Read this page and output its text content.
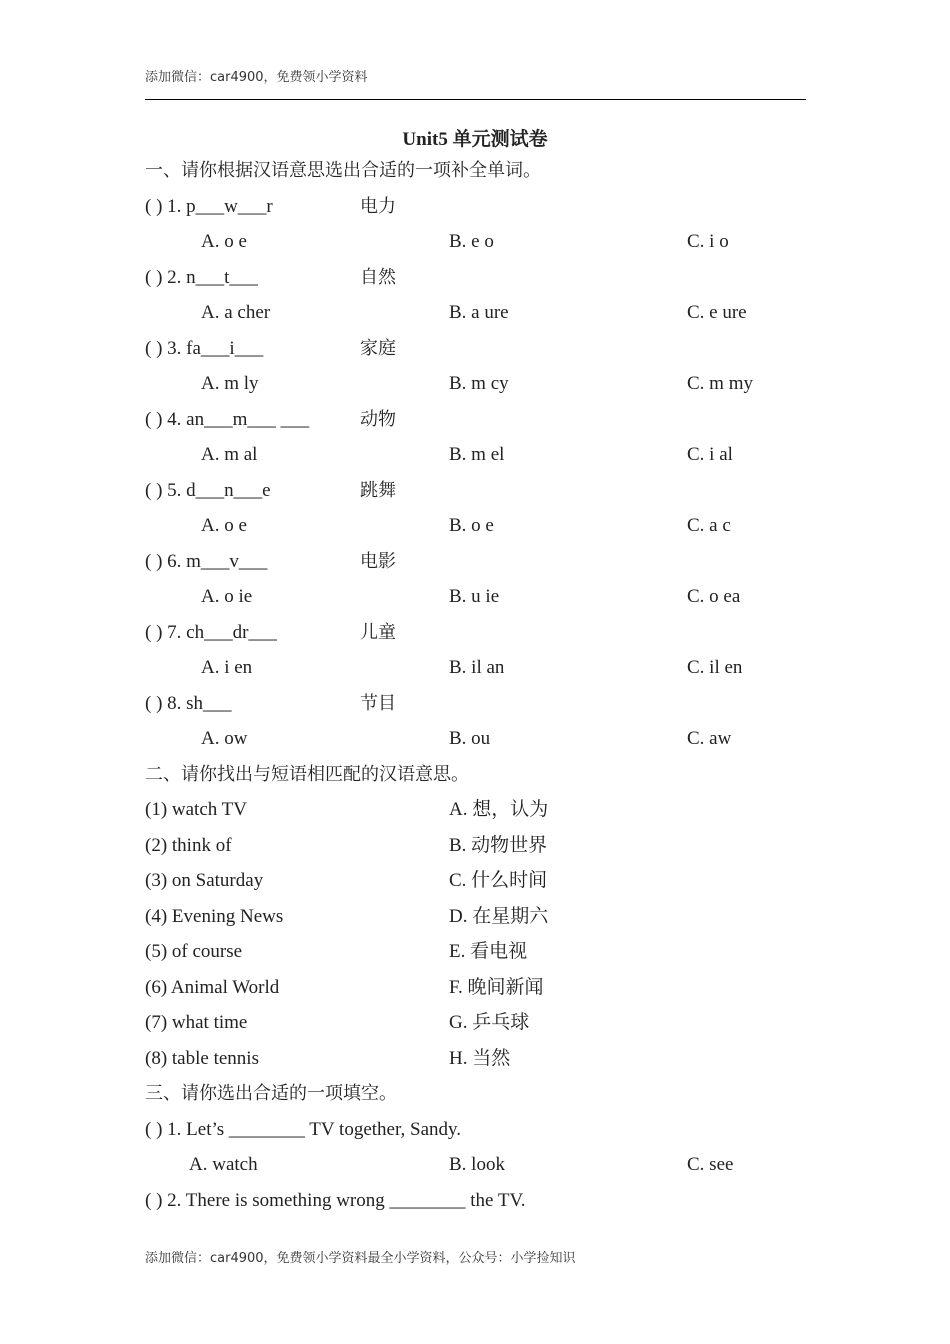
添加微信：car4900，免费领小学资料
Unit5 单元测试卷
一、请你根据汉语意思选出合适的一项补全单词。
( ) 1. p___w___r	电力
A. o e	B. e o	C. i o
( ) 2. n___t___	自然
A. a cher	B. a ure	C. e ure
( ) 3. fa___i___	家庭
A. m ly	B. m cy	C. m my
( ) 4. an___m___ ___	动物
A. m al	B. m el	C. i al
( ) 5. d___n___e	跳舞
A. o e	B. o e	C. a c
( ) 6. m___v___	电影
A. o ie	B. u ie	C. o ea
( ) 7. ch___dr___	儿童
A. i en	B. il an	C. il en
( ) 8. sh___	节目
A. ow	B. ou	C. aw
二、请你找出与短语相匹配的汉语意思。
(1) watch TV	A. 想，认为
(2) think of	B. 动物世界
(3) on Saturday	C. 什么时间
(4) Evening News	D. 在星期六
(5) of course	E. 看电视
(6) Animal World	F. 晚间新闻
(7) what time	G. 乒乓球
(8) table tennis	H. 当然
三、请你选出合适的一项填空。
( ) 1. Let’s ________ TV together, Sandy.
A. watch	B. look	C. see
( ) 2. There is something wrong ________ the TV.
添加微信：car4900，免费领小学资料最全小学资料，公众号：小学捡知识
